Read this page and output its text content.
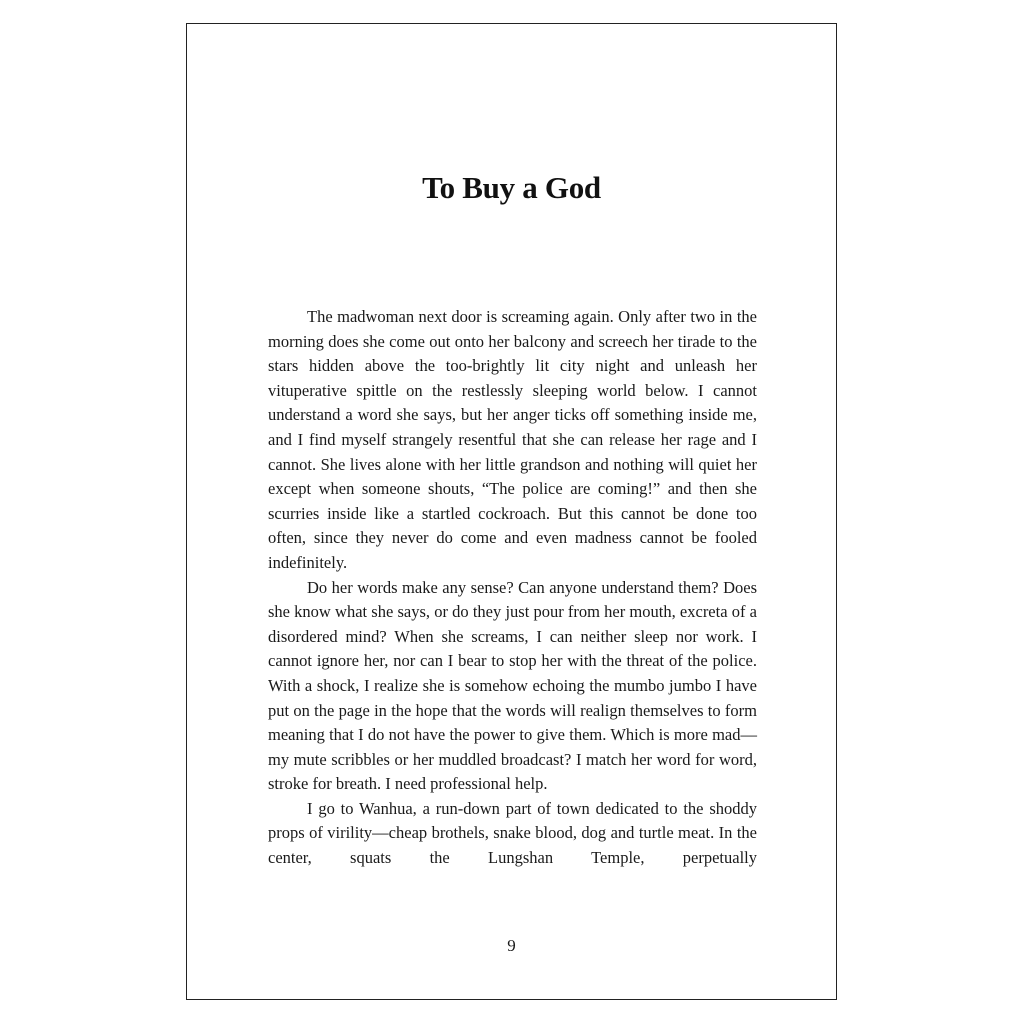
To Buy a God

The madwoman next door is screaming again. Only after two in the morning does she come out onto her balcony and screech her tirade to the stars hidden above the too-brightly lit city night and unleash her vituperative spittle on the restlessly sleeping world below. I cannot understand a word she says, but her anger ticks off something inside me, and I find myself strangely resentful that she can release her rage and I cannot. She lives alone with her little grandson and nothing will quiet her except when someone shouts, “The police are coming!” and then she scurries inside like a startled cockroach. But this cannot be done too often, since they never do come and even madness cannot be fooled indefinitely.

Do her words make any sense? Can anyone understand them? Does she know what she says, or do they just pour from her mouth, excreta of a disordered mind? When she screams, I can neither sleep nor work. I cannot ignore her, nor can I bear to stop her with the threat of the police. With a shock, I realize she is somehow echoing the mumbo jumbo I have put on the page in the hope that the words will realign themselves to form meaning that I do not have the power to give them. Which is more mad—my mute scribbles or her muddled broadcast? I match her word for word, stroke for breath. I need professional help.

I go to Wanhua, a run-down part of town dedicated to the shoddy props of virility—cheap brothels, snake blood, dog and turtle meat. In the center, squats the Lungshan Temple, perpetually

9
